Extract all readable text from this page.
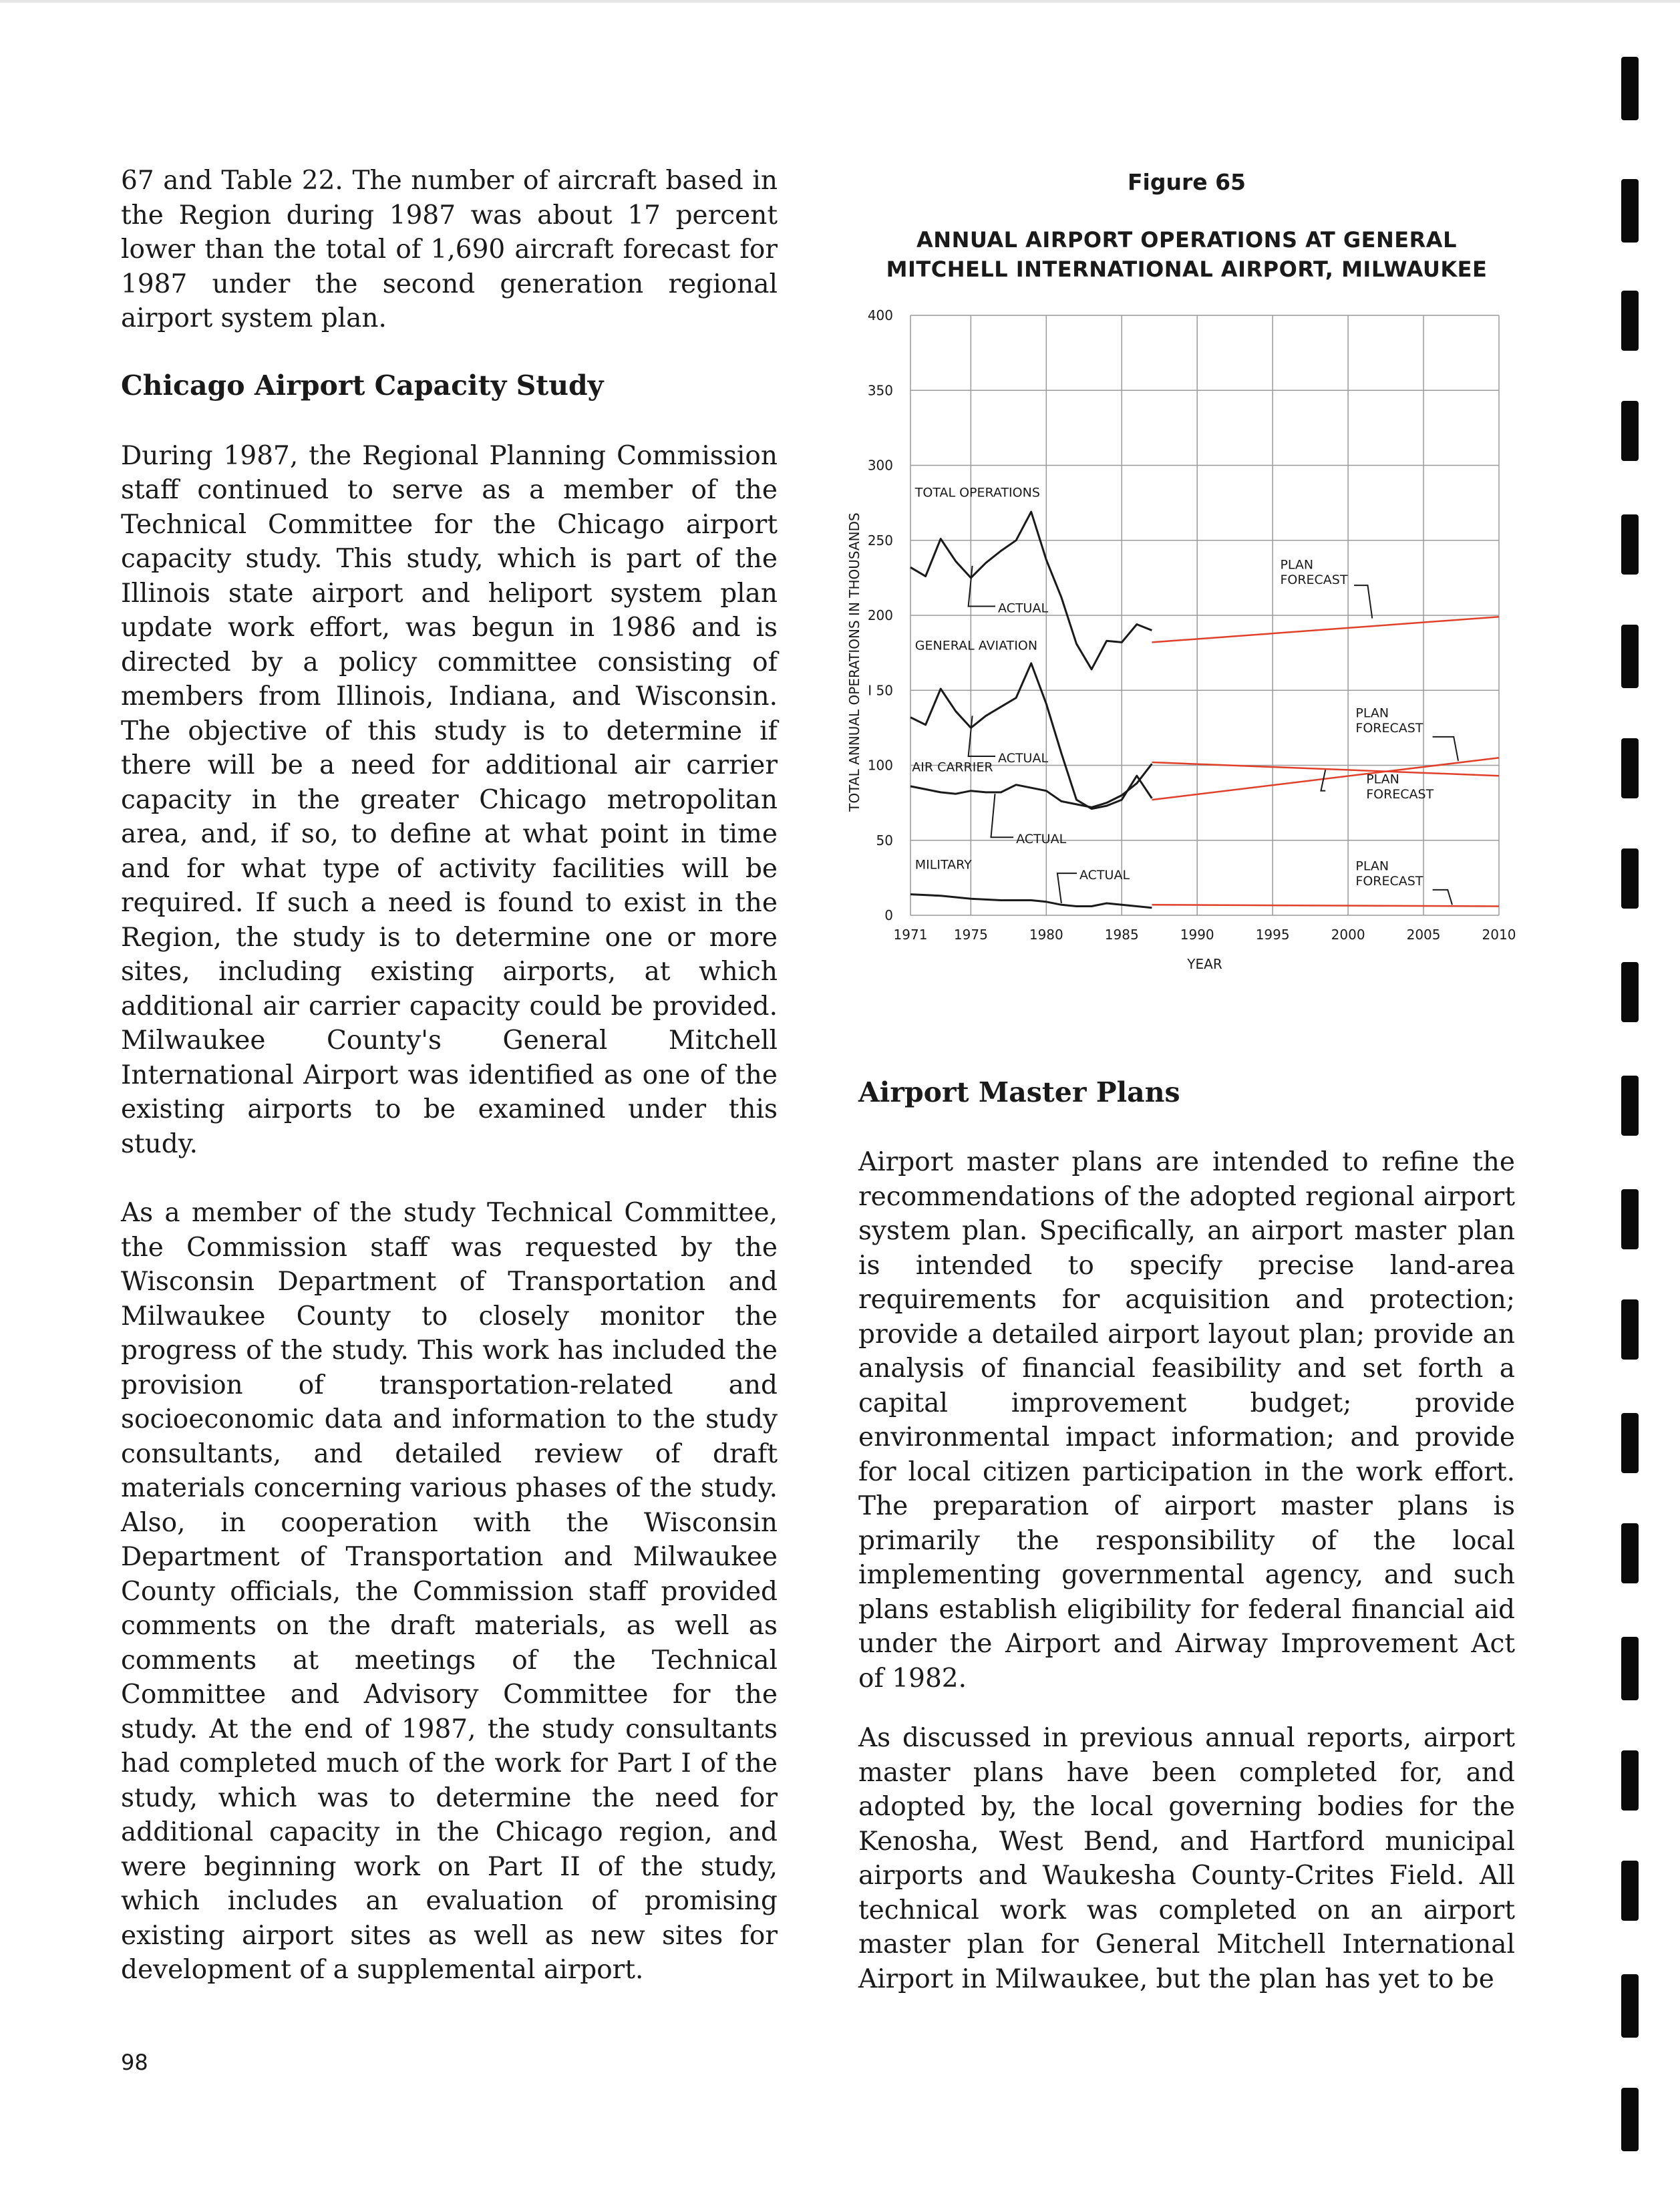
67 and Table 22. The number of aircraft based in the Region during 1987 was about 17 percent lower than the total of 1,690 aircraft forecast for 1987 under the second generation regional airport system plan.

Chicago Airport Capacity Study

During 1987, the Regional Planning Commission staff continued to serve as a member of the Technical Committee for the Chicago airport capacity study. This study, which is part of the Illinois state airport and heliport system plan update work effort, was begun in 1986 and is directed by a policy committee consisting of members from Illinois, Indiana, and Wisconsin. The objective of this study is to determine if there will be a need for additional air carrier capacity in the greater Chicago metropolitan area, and, if so, to define at what point in time and for what type of activity facilities will be required. If such a need is found to exist in the Region, the study is to determine one or more sites, including existing airports, at which additional air carrier capacity could be provided. Milwaukee County's General Mitchell International Airport was identified as one of the existing airports to be examined under this study.

As a member of the study Technical Committee, the Commission staff was requested by the Wisconsin Department of Transportation and Milwaukee County to closely monitor the progress of the study. This work has included the provision of transportation-related and socioeconomic data and information to the study consultants, and detailed review of draft materials concerning various phases of the study. Also, in cooperation with the Wisconsin Department of Transportation and Milwaukee County officials, the Commission staff provided comments on the draft materials, as well as comments at meetings of the Technical Committee and Advisory Committee for the study. At the end of 1987, the study consultants had completed much of the work for Part I of the study, which was to determine the need for additional capacity in the Chicago region, and were beginning work on Part II of the study, which includes an evaluation of promising existing airport sites as well as new sites for development of a supplemental airport.

Figure 65
ANNUAL AIRPORT OPERATIONS AT GENERAL
MITCHELL INTERNATIONAL AIRPORT, MILWAUKEE
0
50
100
I 50
200
250
300
350
400
1971 1975	1980	1985	1990	1995	2000	2005	2010
YEAR
TOTAL ANNUAL OPERATIONS IN THOUSANDS
TOTAL OPERATIONS
GENERAL AVIATION
AIR CARRIER
MILITARY
ACTUAL
ACTUAL
ACTUAL
ACTUAL
PLAN
FORECAST
PLAN
FORECAST
PLAN
FORECAST
PLAN
FORECAST
Airport Master Plans

Airport master plans are intended to refine the recommendations of the adopted regional airport system plan. Specifically, an airport master plan is intended to specify precise land-area requirements for acquisition and protection; provide a detailed airport layout plan; provide an analysis of financial feasibility and set forth a capital improvement budget; provide environmental impact information; and provide for local citizen participation in the work effort. The preparation of airport master plans is primarily the responsibility of the local implementing governmental agency, and such plans establish eligibility for federal financial aid under the Airport and Airway Improvement Act of 1982.

As discussed in previous annual reports, airport master plans have been completed for, and adopted by, the local governing bodies for the Kenosha, West Bend, and Hartford municipal airports and Waukesha County-Crites Field. All technical work was completed on an airport master plan for General Mitchell International Airport in Milwaukee, but the plan has yet to be

98
